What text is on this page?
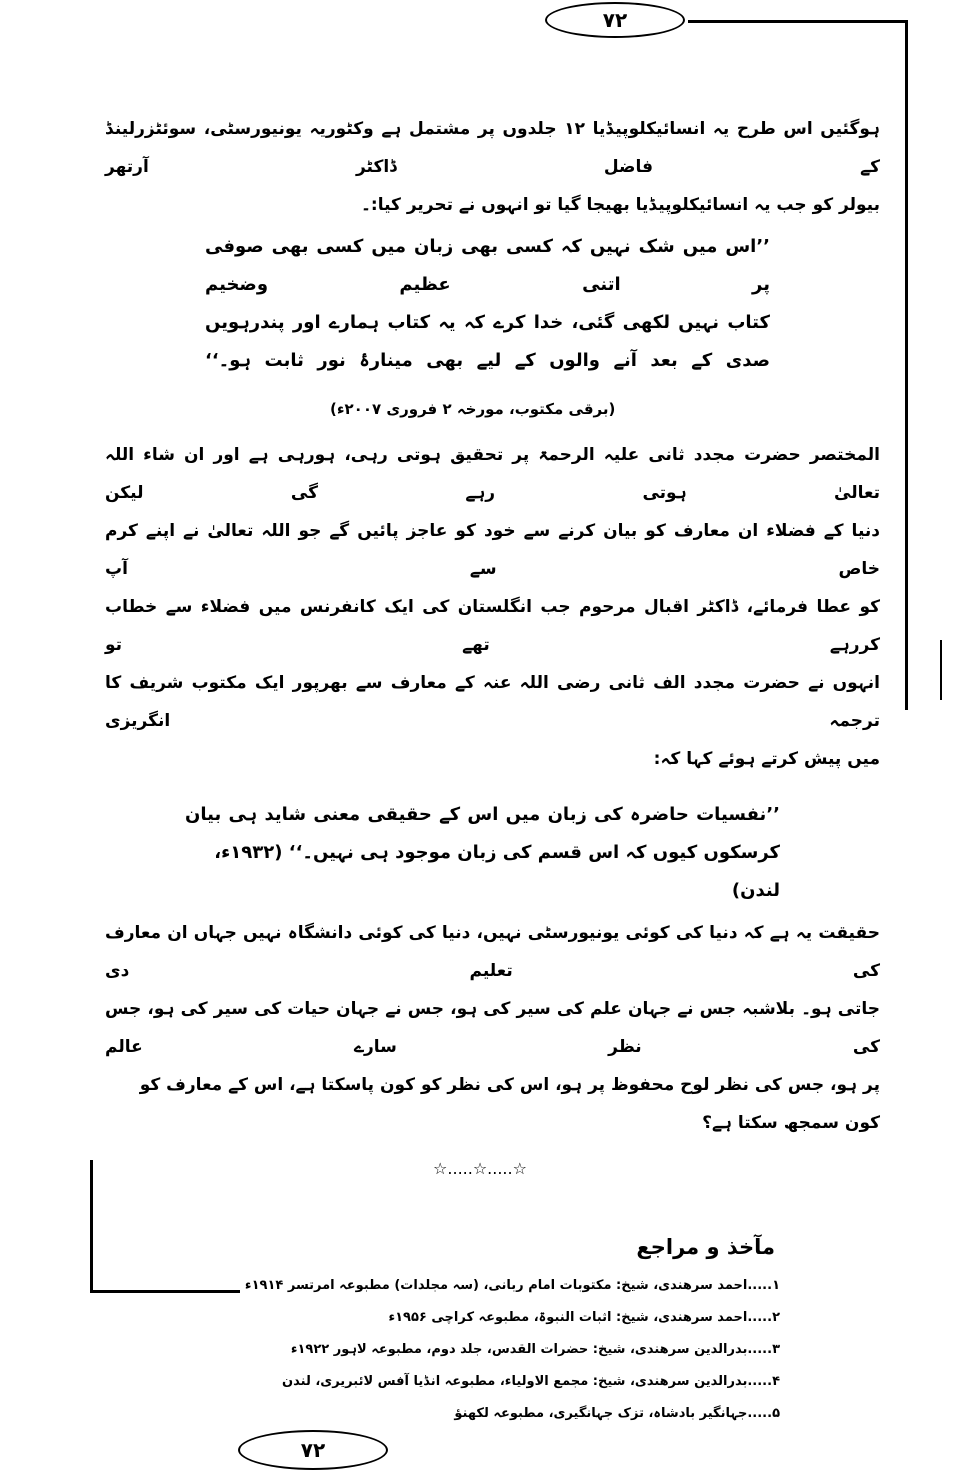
۷۲
ہوگئیں اس طرح یہ انسائیکلوپیڈیا ۱۲ جلدوں پر مشتمل ہے وکٹوریہ یونیورسٹی، سوئٹزرلینڈ کے فاضل ڈاکٹر آرتھر
بیولر کو جب یہ انسائیکلوپیڈیا بھیجا گیا تو انہوں نے تحریر کیا:۔
’’اس میں شک نہیں کہ کسی بھی زبان میں کسی بھی صوفی پر اتنی عظیم وضخیم
کتاب نہیں لکھی گئی، خدا کرے کہ یہ کتاب ہمارے اور پندرہویں
صدی کے بعد آنے والوں کے لیے بھی مینارۂ نور ثابت ہو۔‘‘
(برقی مکتوب، مورخہ ۲ فروری ۲۰۰۷ء)
المختصر حضرت مجدد ثانی علیہ الرحمۃ پر تحقیق ہوتی رہی، ہورہی ہے اور ان شاء اللہ تعالیٰ ہوتی رہے گی لیکن
دنیا کے فضلاء ان معارف کو بیان کرنے سے خود کو عاجز پائیں گے جو اللہ تعالیٰ نے اپنے کرم خاص سے آپ
کو عطا فرمائے، ڈاکٹر اقبال مرحوم جب انگلستان کی ایک کانفرنس میں فضلاء سے خطاب کررہے تھے تو
انہوں نے حضرت مجدد الف ثانی رضی اللہ عنہ کے معارف سے بھرپور ایک مکتوب شریف کا ترجمہ انگریزی
میں پیش کرتے ہوئے کہا کہ:
’’نفسیات حاضرہ کی زبان میں اس کے حقیقی معنی شاید ہی بیان
کرسکوں کیوں کہ اس قسم کی زبان موجود ہی نہیں۔‘‘ (۱۹۳۲ء، لندن)
حقیقت یہ ہے کہ دنیا کی کوئی یونیورسٹی نہیں، دنیا کی کوئی دانشگاہ نہیں جہاں ان معارف کی تعلیم دی
جاتی ہو۔ بلاشبہ جس نے جہان علم کی سیر کی ہو، جس نے جہان حیات کی سیر کی ہو، جس کی نظر سارے عالم
پر ہو، جس کی نظر لوح محفوظ پر ہو، اس کی نظر کو کون پاسکتا ہے، اس کے معارف کو کون سمجھ سکتا ہے؟
☆.....☆.....☆
مآخذ و مراجع
۱.....احمد سرھندی، شیخ: مکتوبات امام ربانی، (سہ مجلدات) مطبوعہ امرتسر ۱۹۱۴ء
۲.....احمد سرھندی، شیخ: اثبات النبوۃ، مطبوعہ کراچی ۱۹۵۶ء
۳.....بدرالدین سرھندی، شیخ: حضرات القدس، جلد دوم، مطبوعہ لاہور ۱۹۲۲ء
۴.....بدرالدین سرھندی، شیخ: مجمع الاولیاء، مطبوعہ انڈیا آفس لائبریری، لندن
۵.....جہانگیر بادشاہ، تزک جہانگیری، مطبوعہ لکھنؤ
۷۲
